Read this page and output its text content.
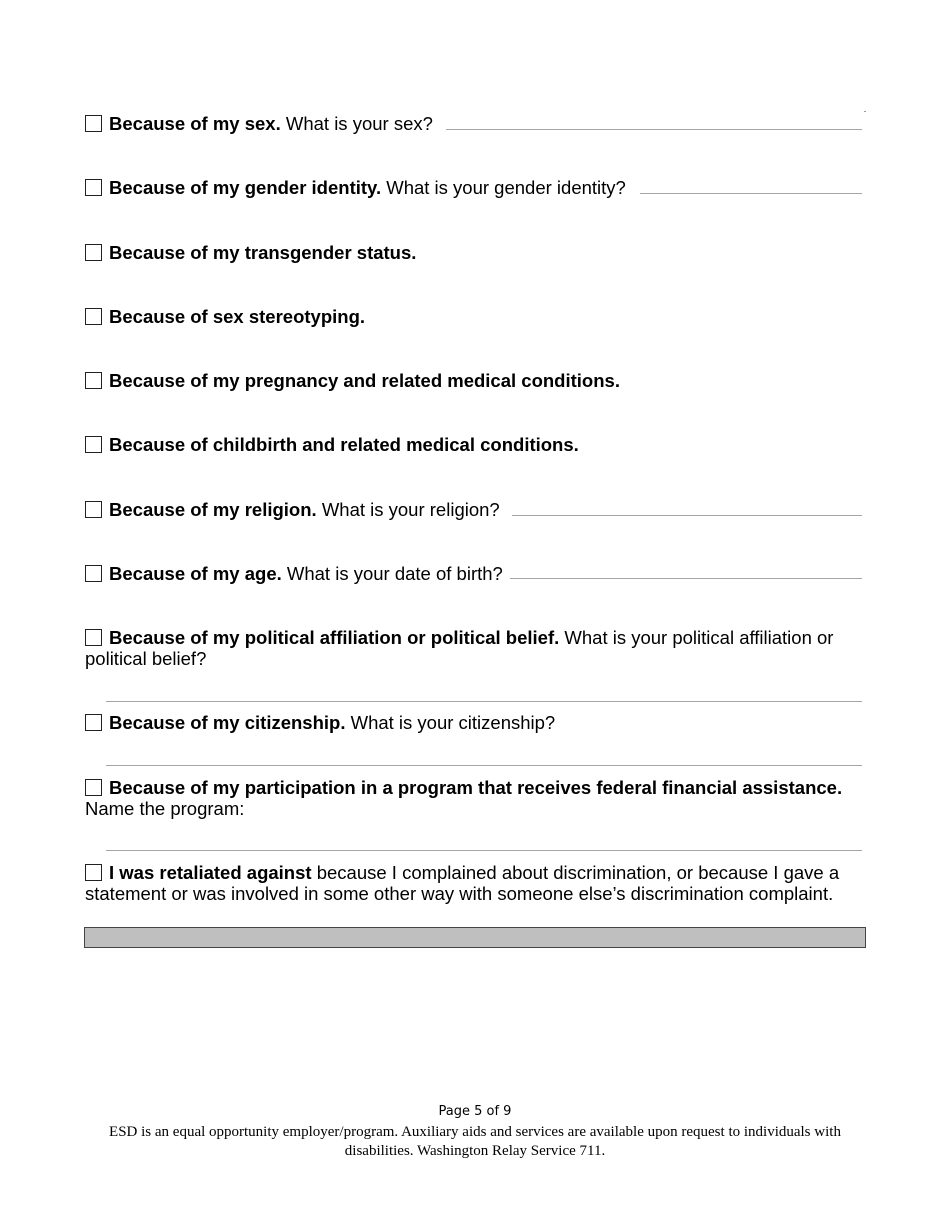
Because of my sex. What is your sex?
Because of my gender identity. What is your gender identity?
Because of my transgender status.
Because of sex stereotyping.
Because of my pregnancy and related medical conditions.
Because of childbirth and related medical conditions.
Because of my religion. What is your religion?
Because of my age. What is your date of birth?
Because of my political affiliation or political belief. What is your political affiliation or political belief?
Because of my citizenship. What is your citizenship?
Because of my participation in a program that receives federal financial assistance. Name the program:
I was retaliated against because I complained about discrimination, or because I gave a statement or was involved in some other way with someone else’s discrimination complaint.
Page 5 of 9
ESD is an equal opportunity employer/program. Auxiliary aids and services are available upon request to individuals with disabilities. Washington Relay Service 711.
